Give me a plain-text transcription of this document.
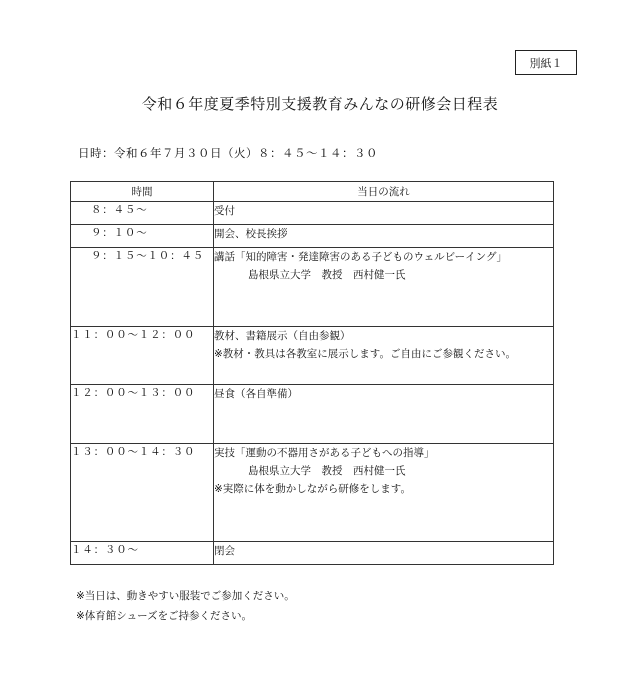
別紙１
令和６年度夏季特別支援教育みんなの研修会日程表
日時：令和６年７月３０日（火）８：４５～１４：３０
時間	当日の流れ
８：４５～	受付

９：１０～	開会、校長挨拶

９：１５～１０：４５	講話「知的障害・発達障害のある子どものウェルビーイング」
島根県立大学　教授　西村健一氏

１１：００～１２：００	教材、書籍展示（自由参観）
※教材・教具は各教室に展示します。ご自由にご参観ください。

１２：００～１３：００	昼食（各自準備）

１３：００～１４：３０	実技「運動の不器用さがある子どもへの指導」
島根県立大学　教授　西村健一氏
※実際に体を動かしながら研修をします。

１４：３０～	閉会
※当日は、動きやすい服装でご参加ください。
※体育館シューズをご持参ください。
